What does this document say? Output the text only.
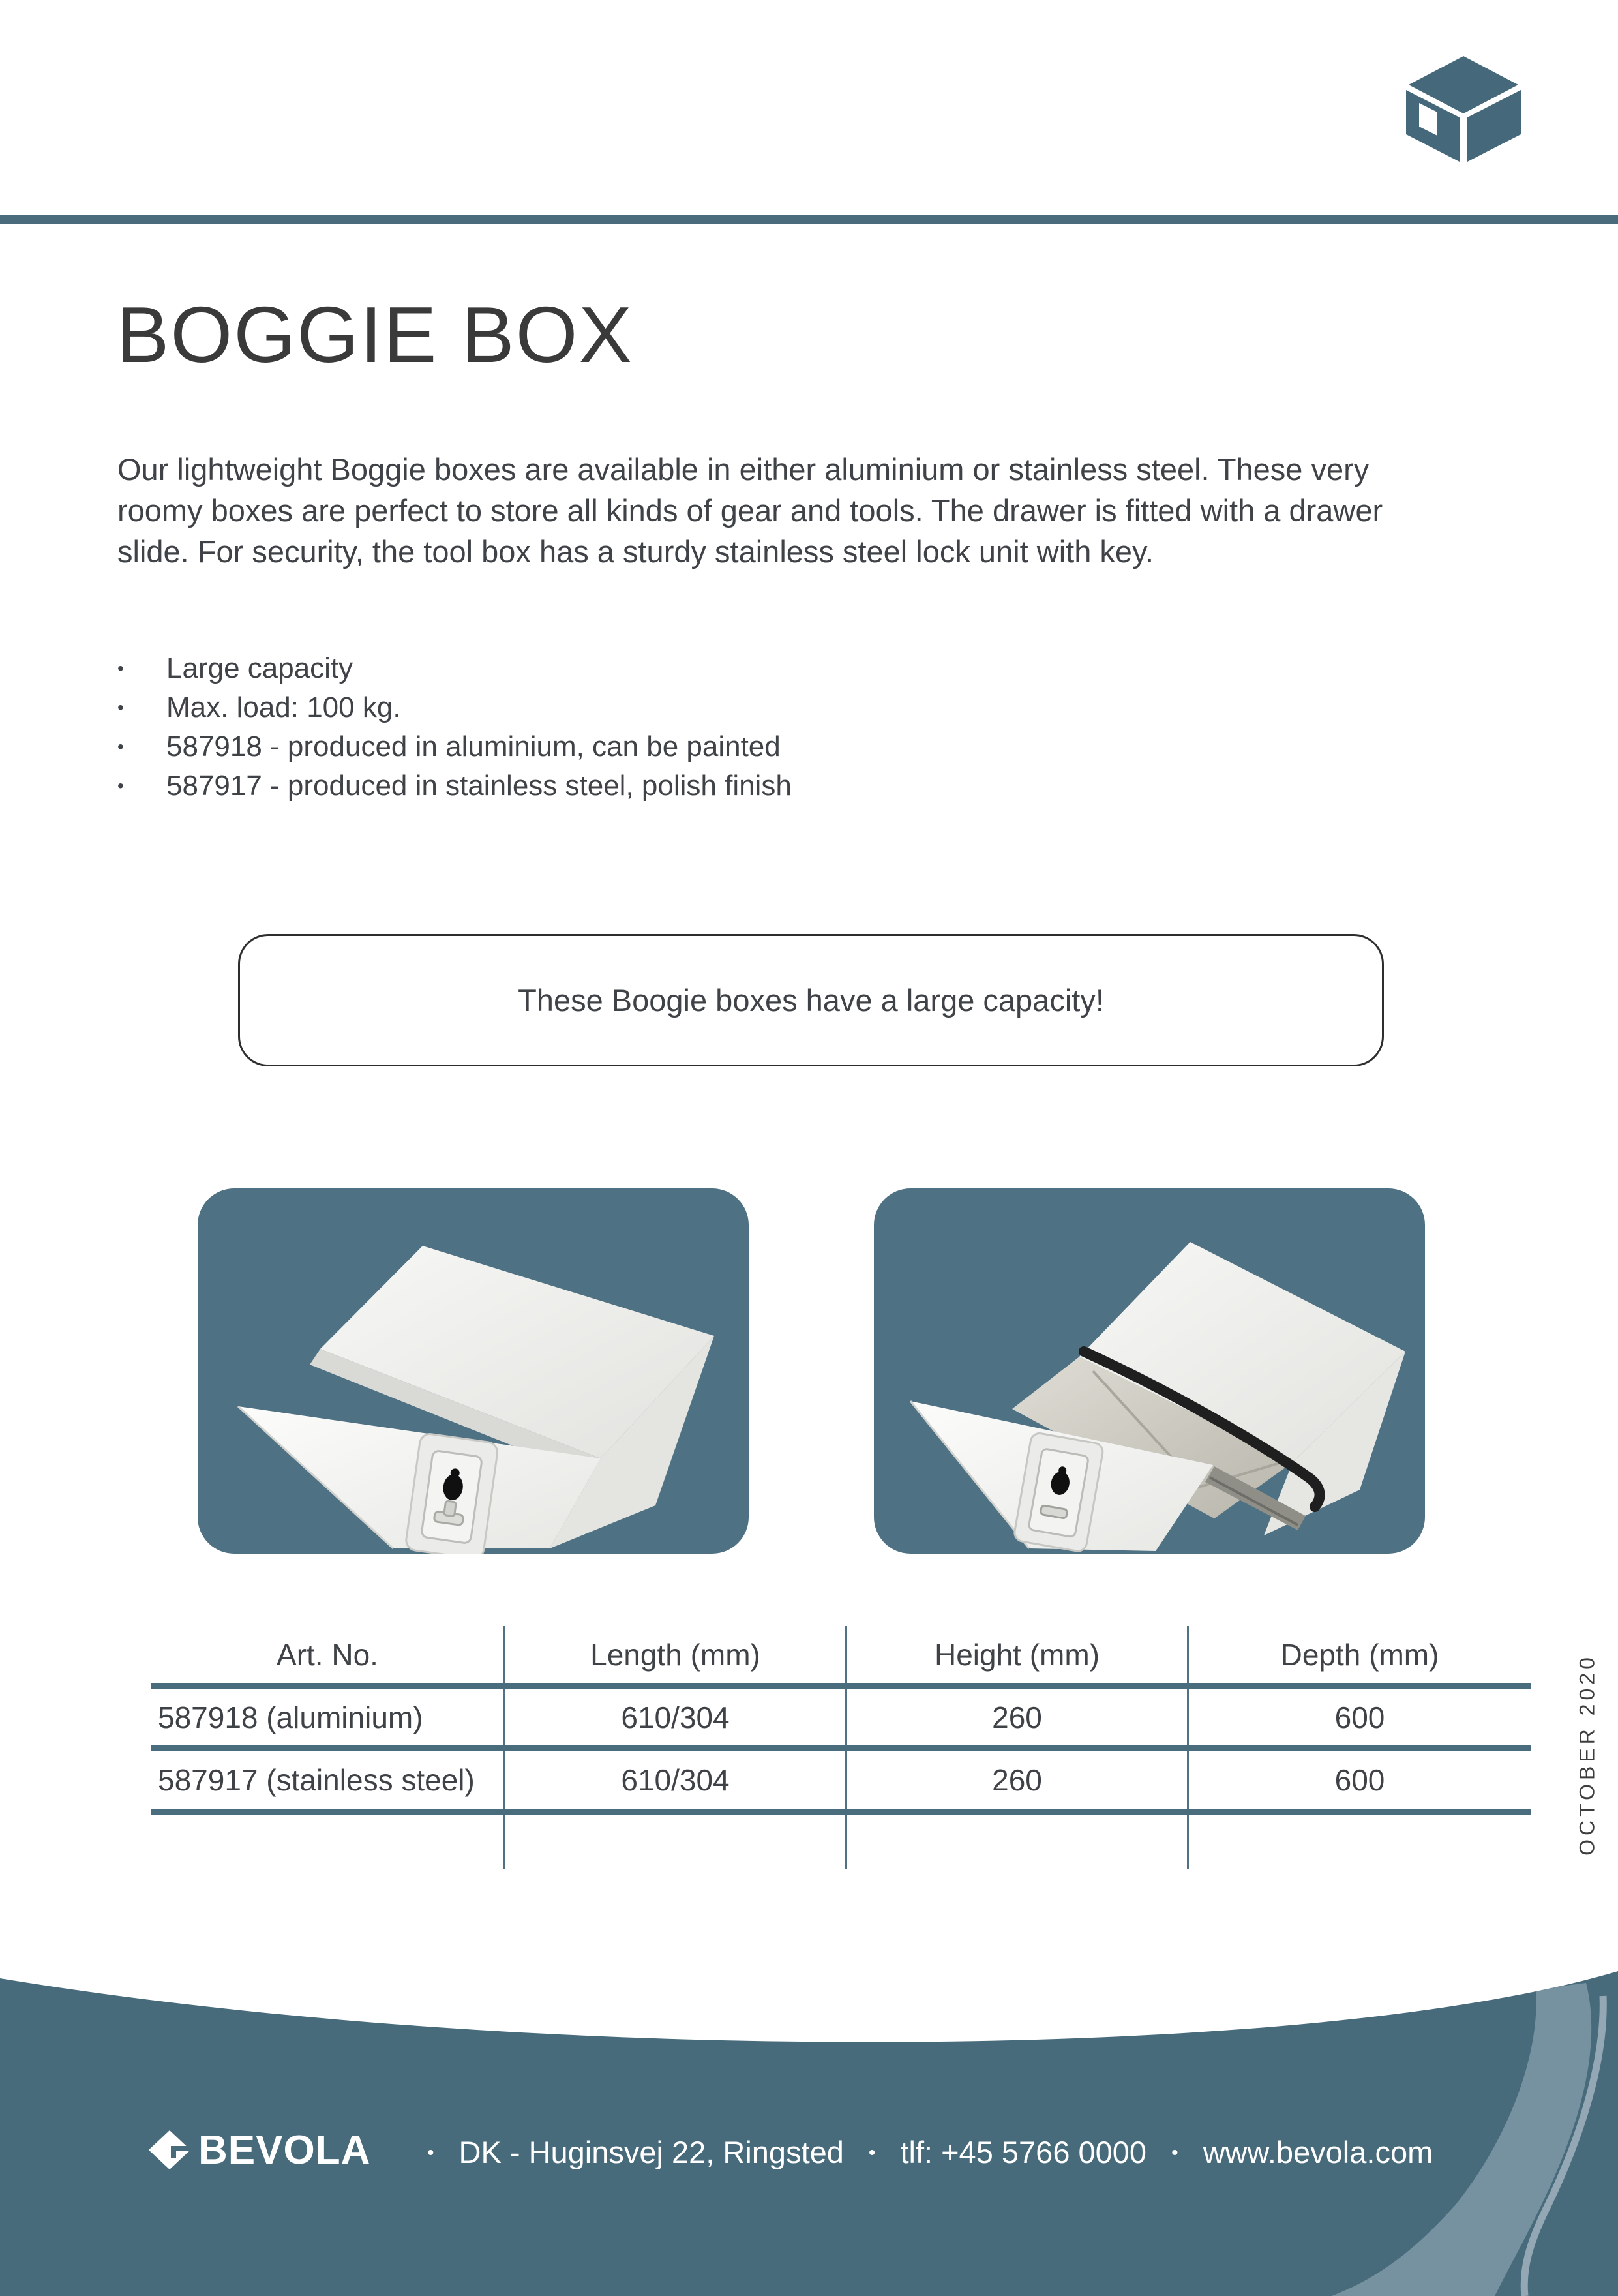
BOGGIE BOX

Our lightweight Boggie boxes are available in either aluminium or stainless steel. These very roomy boxes are perfect to store all kinds of gear and tools. The drawer is fitted with a drawer slide. For security, the tool box has a sturdy stainless steel lock unit with key.

•	Large capacity
•	Max. load: 100 kg.
•	587918 - produced in aluminium, can be painted
•	587917 - produced in stainless steel, polish finish
These Boogie boxes have a large capacity!
Art. No.	Length (mm)	Height (mm)	Depth (mm)
587918 (aluminium)	610/304	260	600
587917 (stainless steel)	610/304	260	600	OCTOBER 2020
BEVOLA	• DK - Huginsvej 22, Ringsted • tlf: +45 5766 0000 • www.bevola.com
